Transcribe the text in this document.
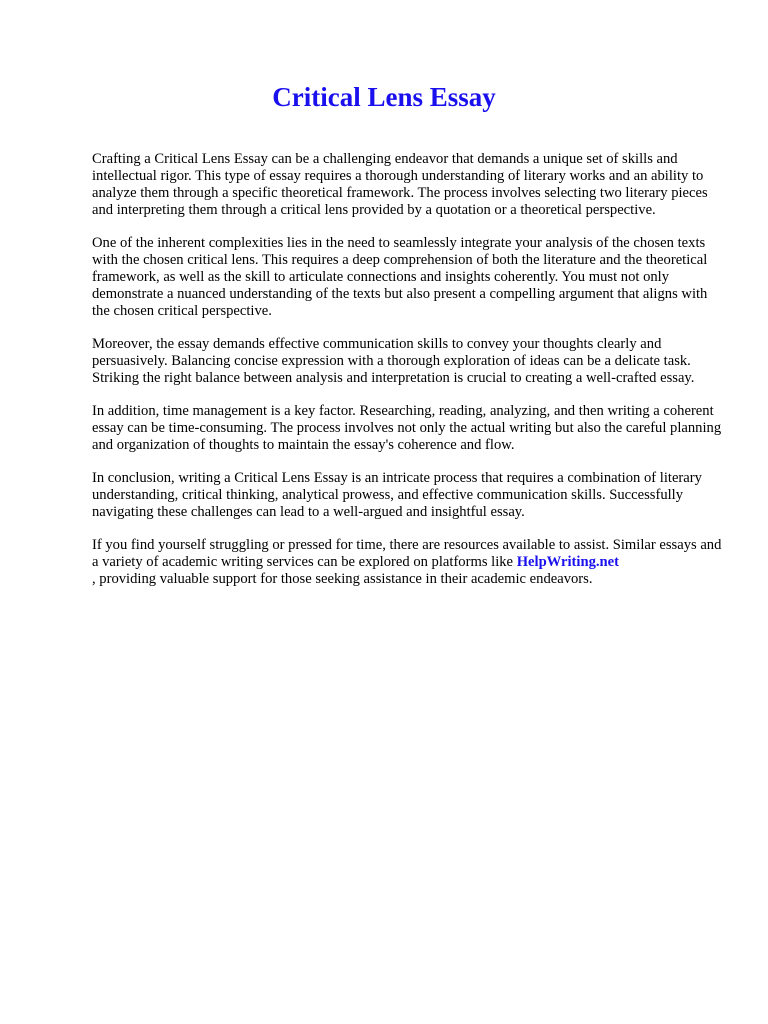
Critical Lens Essay

Crafting a Critical Lens Essay can be a challenging endeavor that demands a unique set of skills and intellectual rigor. This type of essay requires a thorough understanding of literary works and an ability to analyze them through a specific theoretical framework. The process involves selecting two literary pieces and interpreting them through a critical lens provided by a quotation or a theoretical perspective.

One of the inherent complexities lies in the need to seamlessly integrate your analysis of the chosen texts with the chosen critical lens. This requires a deep comprehension of both the literature and the theoretical framework, as well as the skill to articulate connections and insights coherently. You must not only demonstrate a nuanced understanding of the texts but also present a compelling argument that aligns with the chosen critical perspective.

Moreover, the essay demands effective communication skills to convey your thoughts clearly and persuasively. Balancing concise expression with a thorough exploration of ideas can be a delicate task. Striking the right balance between analysis and interpretation is crucial to creating a well-crafted essay.

In addition, time management is a key factor. Researching, reading, analyzing, and then writing a coherent essay can be time-consuming. The process involves not only the actual writing but also the careful planning and organization of thoughts to maintain the essay's coherence and flow.

In conclusion, writing a Critical Lens Essay is an intricate process that requires a combination of literary understanding, critical thinking, analytical prowess, and effective communication skills. Successfully navigating these challenges can lead to a well-argued and insightful essay.

If you find yourself struggling or pressed for time, there are resources available to assist. Similar essays and a variety of academic writing services can be explored on platforms like HelpWriting.net
, providing valuable support for those seeking assistance in their academic endeavors.
